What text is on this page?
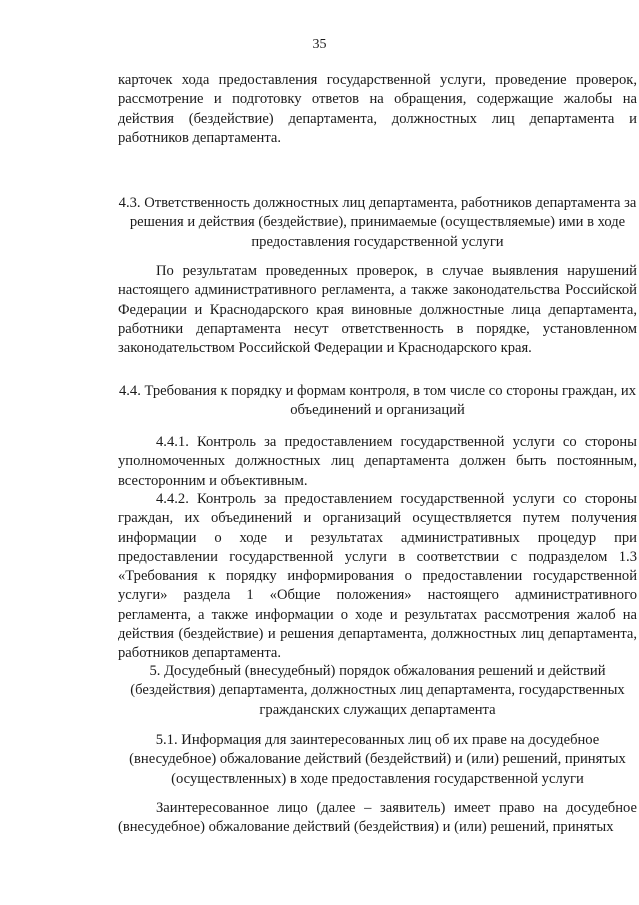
35

карточек хода предоставления государственной услуги, проведение проверок, рассмотрение и подготовку ответов на обращения, содержащие жалобы на действия (бездействие) департамента, должностных лиц департамента и работников департамента.

4.3. Ответственность должностных лиц департамента, работников департамента за решения и действия (бездействие), принимаемые (осуществляемые) ими в ходе предоставления государственной услуги

По результатам проведенных проверок, в случае выявления нарушений настоящего административного регламента, а также законодательства Российской Федерации и Краснодарского края виновные должностные лица департамента, работники департамента несут ответственность в порядке, установленном законодательством Российской Федерации и Краснодарского края.

4.4. Требования к порядку и формам контроля, в том числе со стороны граждан, их объединений и организаций

4.4.1. Контроль за предоставлением государственной услуги со стороны уполномоченных должностных лиц департамента должен быть постоянным, всесторонним и объективным.

4.4.2. Контроль за предоставлением государственной услуги со стороны граждан, их объединений и организаций осуществляется путем получения информации о ходе и результатах административных процедур при предоставлении государственной услуги в соответствии с подразделом 1.3 «Требования к порядку информирования о предоставлении государственной услуги» раздела 1 «Общие положения» настоящего административного регламента, а также информации о ходе и результатах рассмотрения жалоб на действия (бездействие) и решения департамента, должностных лиц департамента, работников департамента.

5. Досудебный (внесудебный) порядок обжалования решений и действий (бездействия) департамента, должностных лиц департамента, государственных гражданских служащих департамента

5.1. Информация для заинтересованных лиц об их праве на досудебное (внесудебное) обжалование действий (бездействий) и (или) решений, принятых (осуществленных) в ходе предоставления государственной услуги

Заинтересованное лицо (далее – заявитель) имеет право на досудебное (внесудебное) обжалование действий (бездействия) и (или) решений, принятых
